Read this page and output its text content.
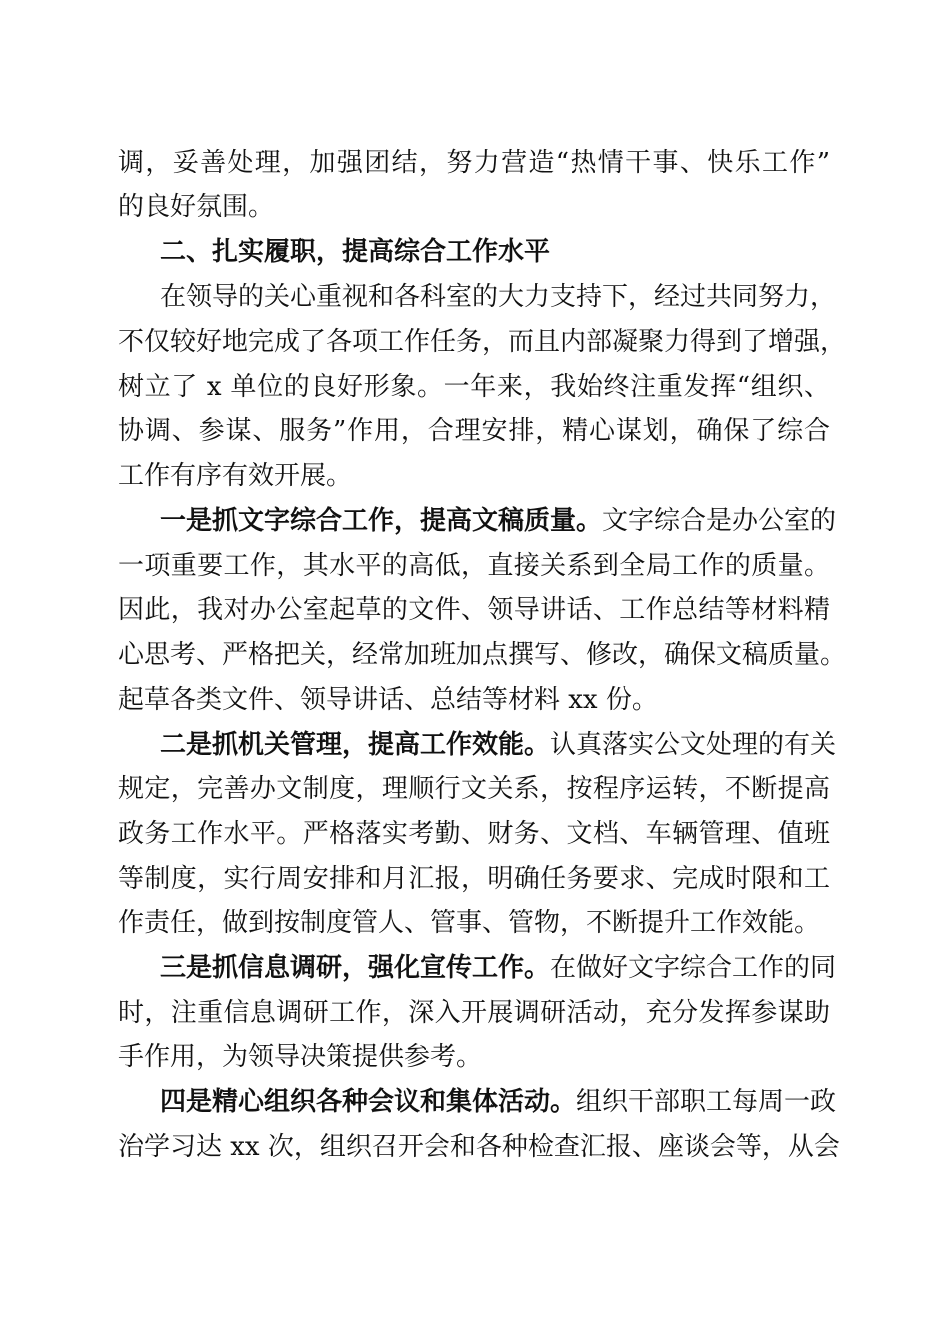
调，妥善处理，加强团结，努力营造“热情干事、快乐工作”
的良好氛围。
二、扎实履职，提高综合工作水平
在领导的关心重视和各科室的大力支持下，经过共同努力，
不仅较好地完成了各项工作任务，而且内部凝聚力得到了增强，
树立了 x 单位的良好形象。一年来，我始终注重发挥“组织、
协调、参谋、服务”作用，合理安排，精心谋划，确保了综合
工作有序有效开展。
一是抓文字综合工作，提高文稿质量。文字综合是办公室的
一项重要工作，其水平的高低，直接关系到全局工作的质量。
因此，我对办公室起草的文件、领导讲话、工作总结等材料精
心思考、严格把关，经常加班加点撰写、修改，确保文稿质量。
起草各类文件、领导讲话、总结等材料 xx 份。
二是抓机关管理，提高工作效能。认真落实公文处理的有关
规定，完善办文制度，理顺行文关系，按程序运转，不断提高
政务工作水平。严格落实考勤、财务、文档、车辆管理、值班
等制度，实行周安排和月汇报，明确任务要求、完成时限和工
作责任，做到按制度管人、管事、管物，不断提升工作效能。
三是抓信息调研，强化宣传工作。在做好文字综合工作的同
时，注重信息调研工作，深入开展调研活动，充分发挥参谋助
手作用，为领导决策提供参考。
四是精心组织各种会议和集体活动。组织干部职工每周一政
治学习达 xx 次，组织召开会和各种检查汇报、座谈会等，从会
